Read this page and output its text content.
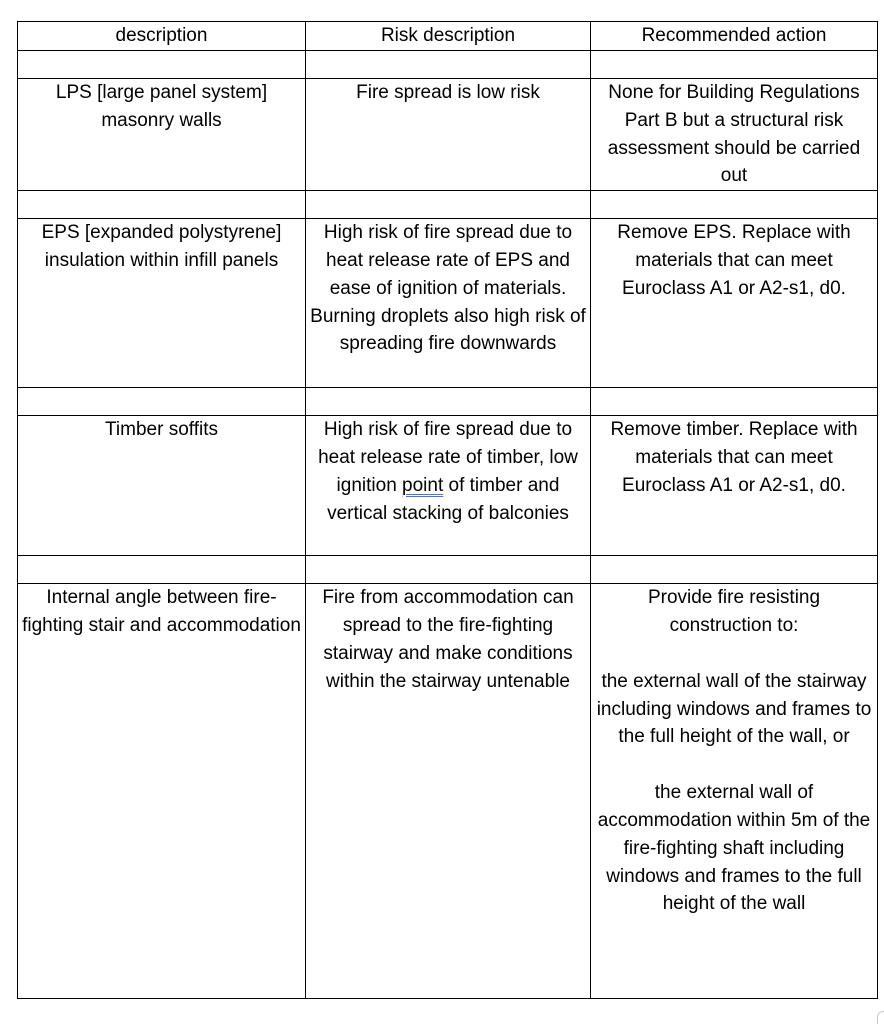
description	Risk description	Recommended action

LPS [large panel system] masonry walls	Fire spread is low risk	None for Building Regulations Part B but a structural risk assessment should be carried out

EPS [expanded polystyrene] insulation within infill panels	High risk of fire spread due to heat release rate of EPS and ease of ignition of materials. Burning droplets also high risk of spreading fire downwards	Remove EPS. Replace with materials that can meet Euroclass A1 or A2-s1, d0.

Timber soffits	High risk of fire spread due to heat release rate of timber, low ignition point of timber and vertical stacking of balconies	Remove timber. Replace with materials that can meet Euroclass A1 or A2-s1, d0.

Internal angle between fire-fighting stair and accommodation	Fire from accommodation can spread to the fire-fighting stairway and make conditions within the stairway untenable	Provide fire resisting construction to:
the external wall of the stairway including windows and frames to the full height of the wall, or
the external wall of accommodation within 5m of the fire-fighting shaft including windows and frames to the full height of the wall
